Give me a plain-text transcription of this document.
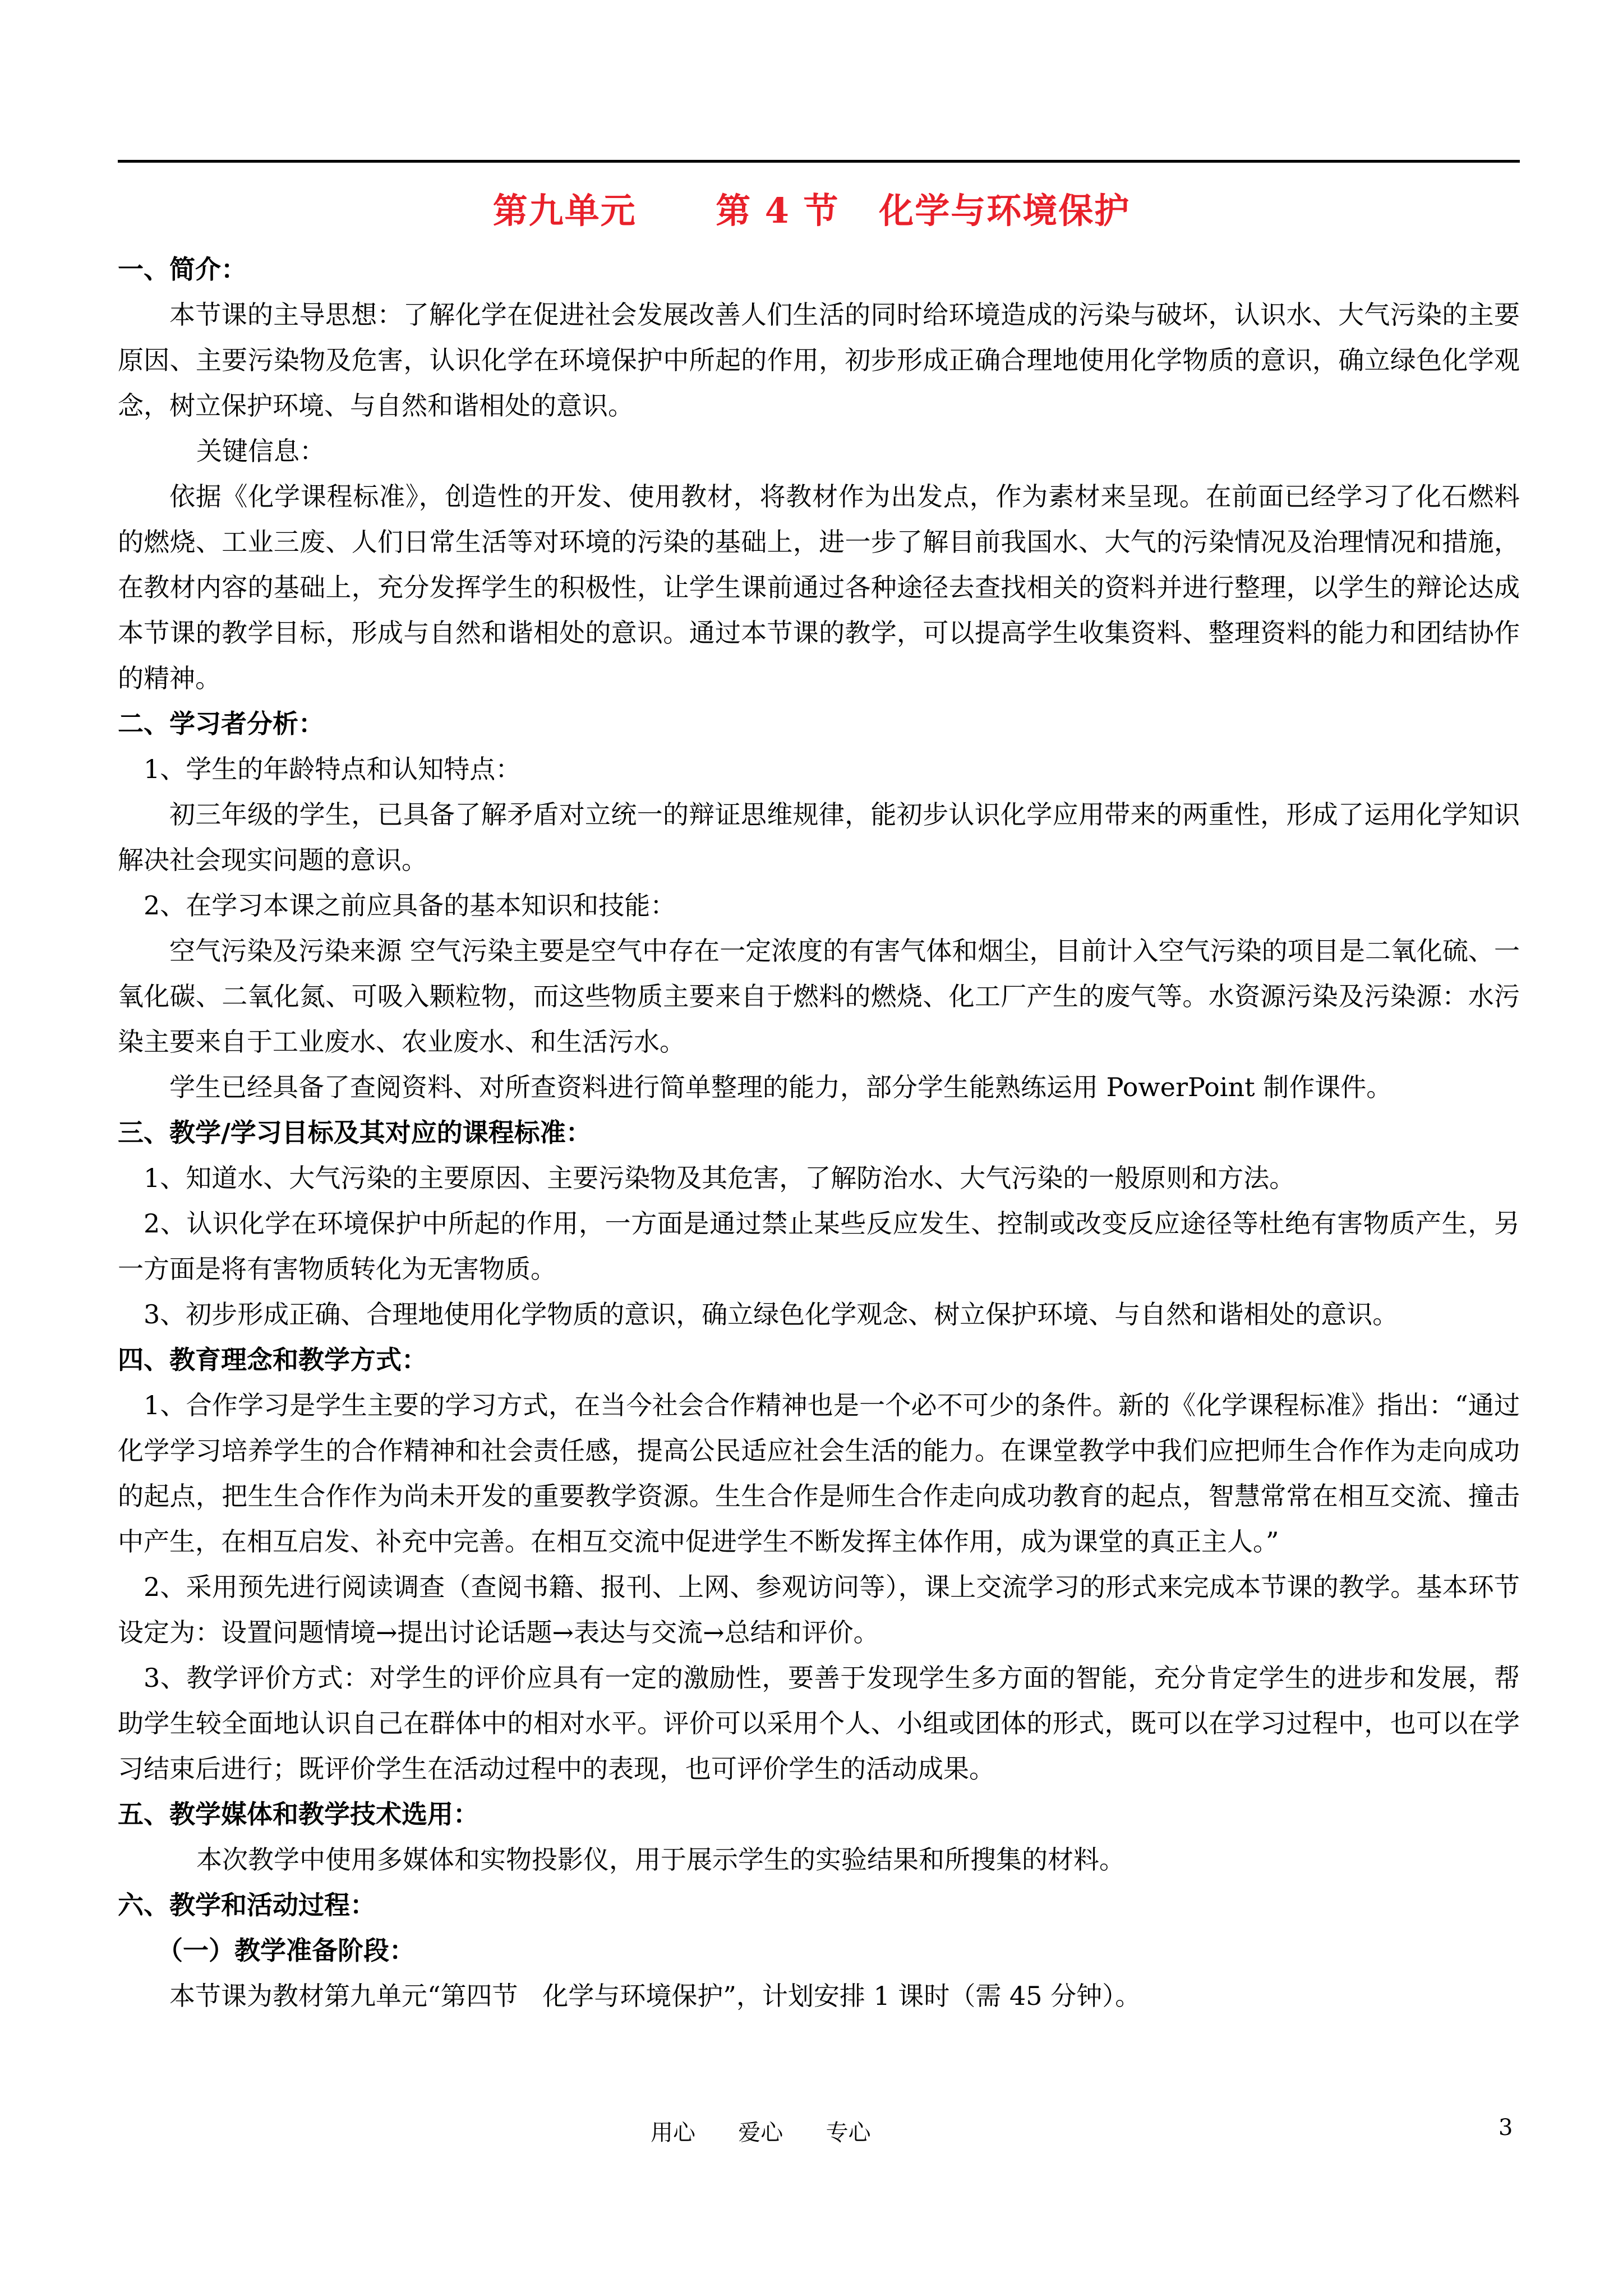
第九单元      第 4 节   化学与环境保护

一、简介：

本节课的主导思想：了解化学在促进社会发展改善人们生活的同时给环境造成的污染与破坏，认识水、大气污染的主要原因、主要污染物及危害，认识化学在环境保护中所起的作用，初步形成正确合理地使用化学物质的意识，确立绿色化学观念，树立保护环境、与自然和谐相处的意识。

关键信息：

依据《化学课程标准》，创造性的开发、使用教材，将教材作为出发点，作为素材来呈现。在前面已经学习了化石燃料的燃烧、工业三废、人们日常生活等对环境的污染的基础上，进一步了解目前我国水、大气的污染情况及治理情况和措施，在教材内容的基础上，充分发挥学生的积极性，让学生课前通过各种途径去查找相关的资料并进行整理，以学生的辩论达成本节课的教学目标，形成与自然和谐相处的意识。通过本节课的教学，可以提高学生收集资料、整理资料的能力和团结协作的精神。

二、学习者分析：

1、学生的年龄特点和认知特点：

初三年级的学生，已具备了解矛盾对立统一的辩证思维规律，能初步认识化学应用带来的两重性，形成了运用化学知识解决社会现实问题的意识。

2、在学习本课之前应具备的基本知识和技能：

空气污染及污染来源 空气污染主要是空气中存在一定浓度的有害气体和烟尘，目前计入空气污染的项目是二氧化硫、一氧化碳、二氧化氮、可吸入颗粒物，而这些物质主要来自于燃料的燃烧、化工厂产生的废气等。水资源污染及污染源：水污染主要来自于工业废水、农业废水、和生活污水。

学生已经具备了查阅资料、对所查资料进行简单整理的能力，部分学生能熟练运用 PowerPoint 制作课件。

三、教学/学习目标及其对应的课程标准：

1、知道水、大气污染的主要原因、主要污染物及其危害，了解防治水、大气污染的一般原则和方法。

2、认识化学在环境保护中所起的作用，一方面是通过禁止某些反应发生、控制或改变反应途径等杜绝有害物质产生，另一方面是将有害物质转化为无害物质。

3、初步形成正确、合理地使用化学物质的意识，确立绿色化学观念、树立保护环境、与自然和谐相处的意识。

四、教育理念和教学方式：

1、合作学习是学生主要的学习方式，在当今社会合作精神也是一个必不可少的条件。新的《化学课程标准》指出：“通过化学学习培养学生的合作精神和社会责任感，提高公民适应社会生活的能力。在课堂教学中我们应把师生合作作为走向成功的起点，把生生合作作为尚未开发的重要教学资源。生生合作是师生合作走向成功教育的起点，智慧常常在相互交流、撞击中产生，在相互启发、补充中完善。在相互交流中促进学生不断发挥主体作用，成为课堂的真正主人。”

2、采用预先进行阅读调查（查阅书籍、报刊、上网、参观访问等），课上交流学习的形式来完成本节课的教学。基本环节设定为：设置问题情境→提出讨论话题→表达与交流→总结和评价。

3、教学评价方式：对学生的评价应具有一定的激励性，要善于发现学生多方面的智能，充分肯定学生的进步和发展，帮助学生较全面地认识自己在群体中的相对水平。评价可以采用个人、小组或团体的形式，既可以在学习过程中，也可以在学习结束后进行；既评价学生在活动过程中的表现，也可评价学生的活动成果。

五、教学媒体和教学技术选用：

本次教学中使用多媒体和实物投影仪，用于展示学生的实验结果和所搜集的材料。

六、教学和活动过程：

（一）教学准备阶段：

本节课为教材第九单元“第四节   化学与环境保护”，计划安排 1 课时（需 45 分钟）。

用心      爱心      专心	3
